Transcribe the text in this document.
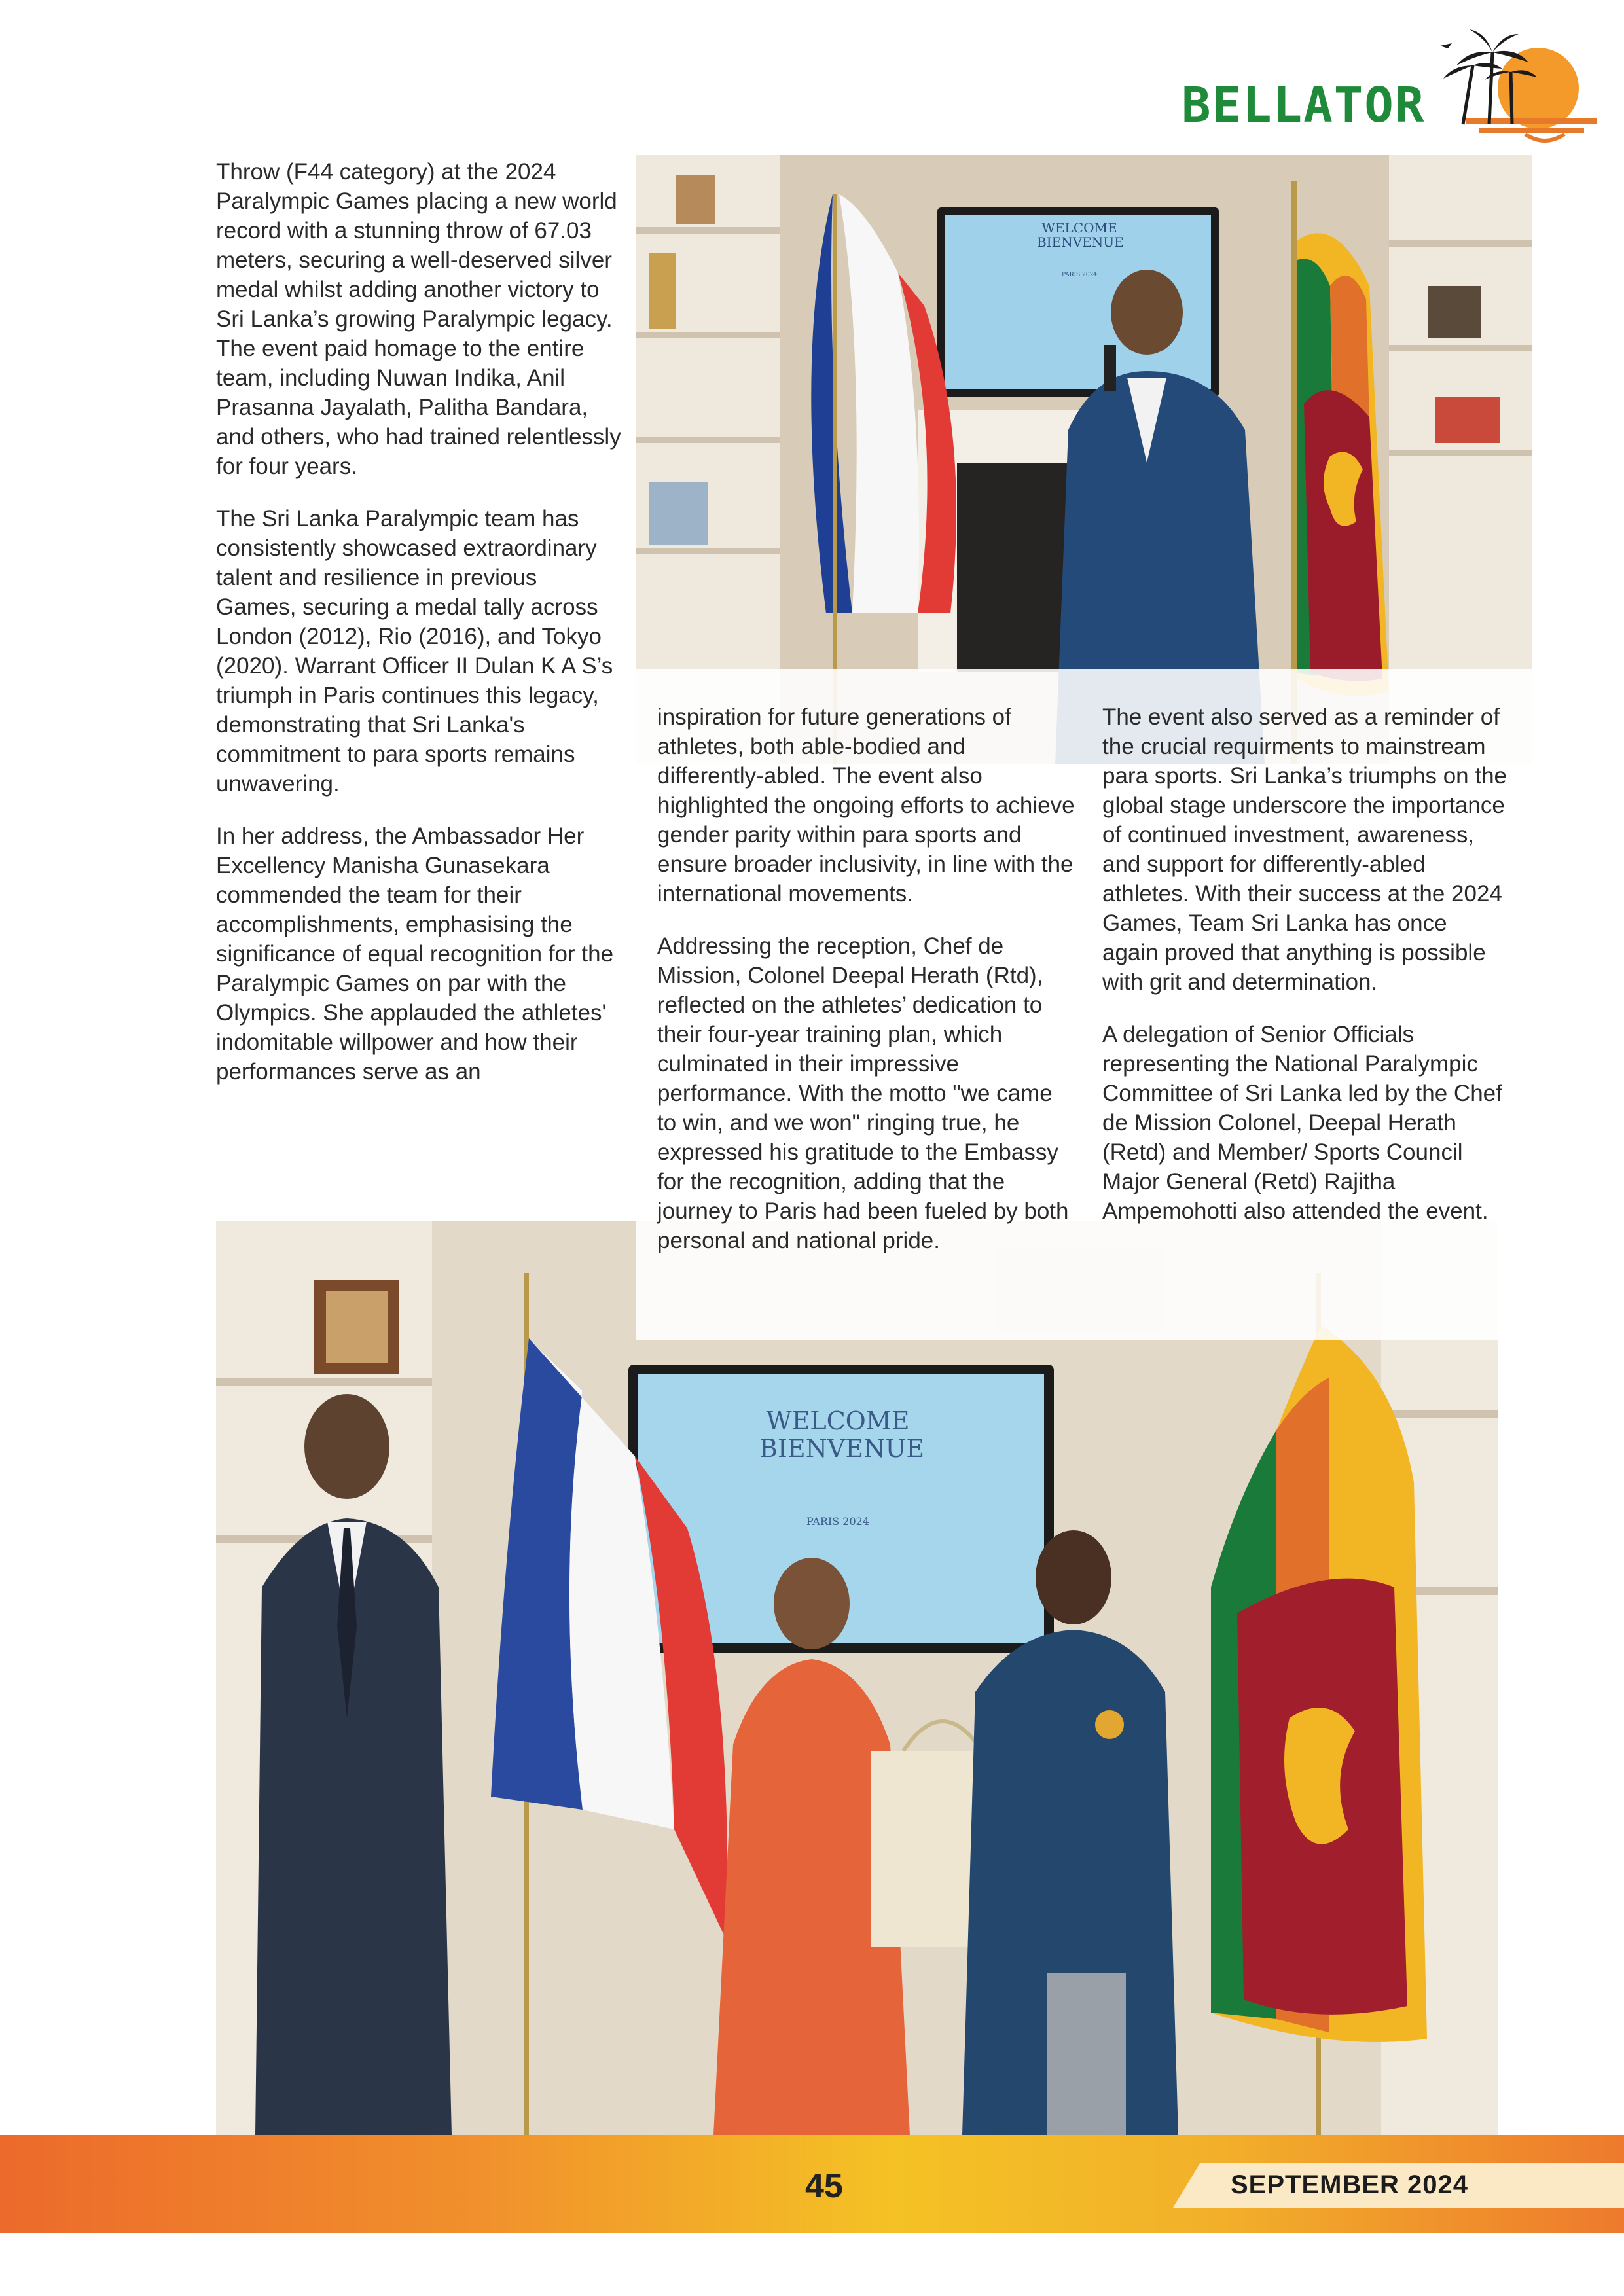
BELLATOR

Throw (F44 category) at the 2024 Paralympic Games placing a new world record with a stunning throw of 67.03 meters, securing a well-deserved silver medal whilst adding another victory to Sri Lanka’s growing Paralympic legacy. The event paid homage to the entire team, including Nuwan Indika, Anil Prasanna Jayalath, Palitha Bandara, and others, who had trained relentlessly for four years.

The Sri Lanka Paralympic team has consistently showcased extraordinary talent and resilience in previous Games, securing a medal tally across London (2012), Rio (2016), and Tokyo (2020). Warrant Officer II Dulan K A S’s triumph in Paris continues this legacy, demonstrating that Sri Lanka's commitment to para sports remains unwavering.

In her address, the Ambassador Her Excellency Manisha Gunasekara commended the team for their accomplishments, emphasising the significance of equal recognition for the Paralympic Games on par with the Olympics. She applauded the athletes' indomitable willpower and how their performances serve as an

WELCOME
BIENVENUE
PARIS 2024
WELCOME
BIENVENUE
PARIS 2024

inspiration for future generations of athletes, both able-bodied and differently-abled. The event also highlighted the ongoing efforts to achieve gender parity within para sports and ensure broader inclusivity, in line with the international movements.

Addressing the reception, Chef de Mission, Colonel Deepal Herath (Rtd), reflected on the athletes’ dedication to their four-year training plan, which culminated in their impressive performance. With the motto "we came to win, and we won" ringing true, he expressed his gratitude to the Embassy for the recognition, adding that the journey to Paris had been fueled by both personal and national pride.

The event also served as a reminder of the crucial requirments to mainstream para sports. Sri Lanka’s triumphs on the global stage underscore the importance of continued investment, awareness, and support for differently-abled athletes. With their success at the 2024 Games, Team Sri Lanka has once again proved that anything is possible with grit and determination.

A delegation of Senior Officials representing the National Paralympic Committee of Sri Lanka led by the Chef de Mission Colonel, Deepal Herath (Retd) and Member/ Sports Council Major General (Retd) Rajitha Ampemohotti also attended the event.

45	SEPTEMBER 2024
